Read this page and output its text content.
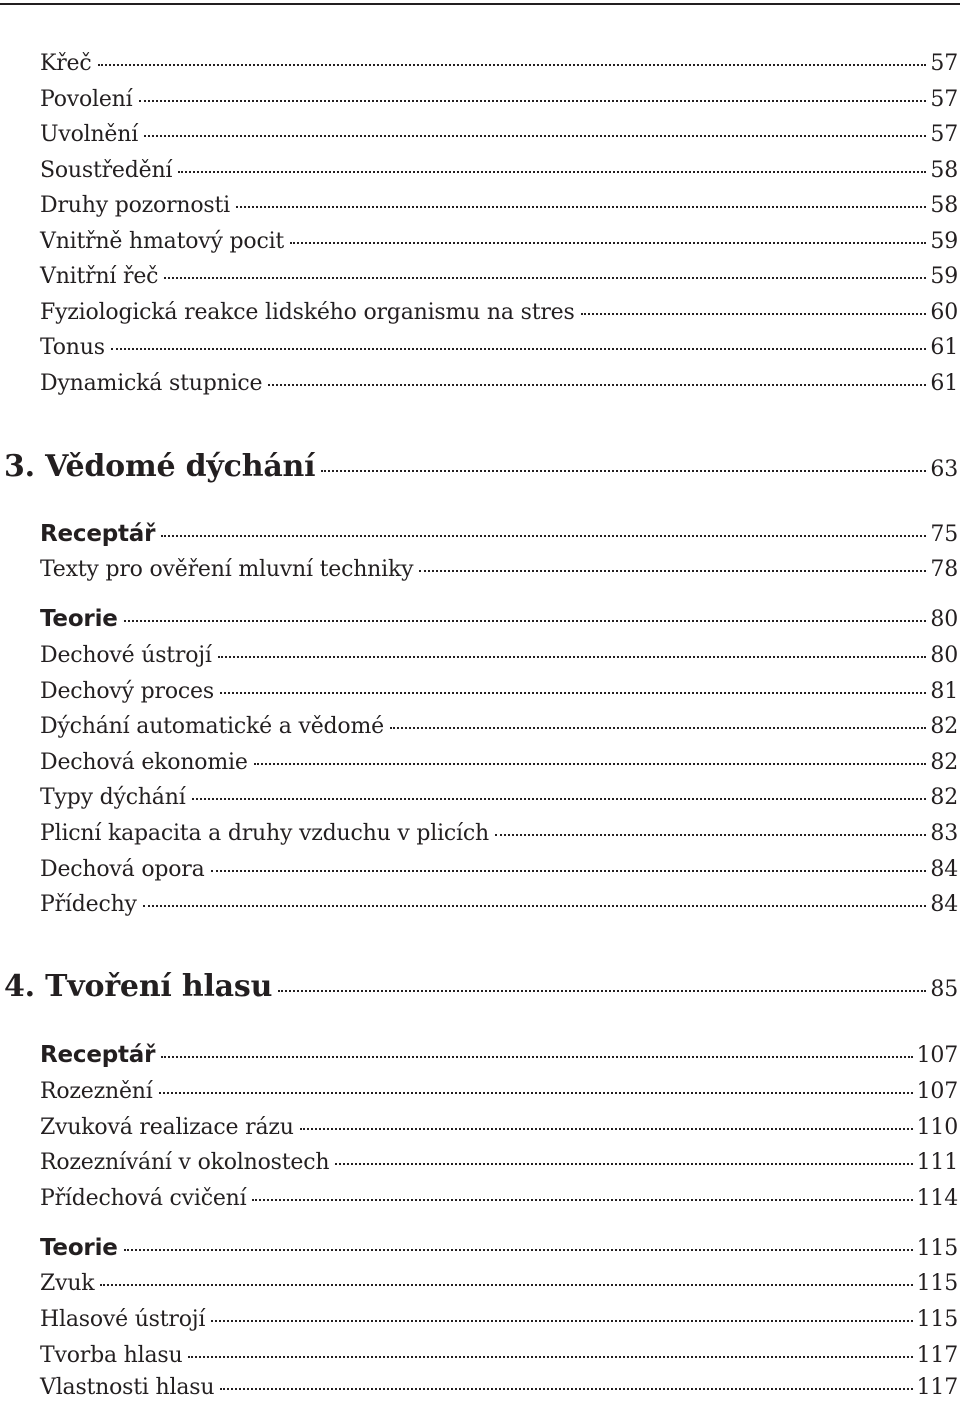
Křeč	57
Povolení	57
Uvolnění	57
Soustředění	58
Druhy pozornosti	58
Vnitřně hmatový pocit	59
Vnitřní řeč	59
Fyziologická reakce lidského organismu na stres	60
Tonus	61
Dynamická stupnice	61
3. Vědomé dýchání	63
Receptář	75
Texty pro ověření mluvní techniky	78
Teorie	80
Dechové ústrojí	80
Dechový proces	81
Dýchání automatické a vědomé	82
Dechová ekonomie	82
Typy dýchání	82
Plicní kapacita a druhy vzduchu v plicích	83
Dechová opora	84
Přídechy	84
4. Tvoření hlasu	85
Receptář	107
Rozeznění	107
Zvuková realizace rázu	110
Rozeznívání v okolnostech	111
Přídechová cvičení	114
Teorie	115
Zvuk	115
Hlasové ústrojí	115
Tvorba hlasu	117
Vlastnosti hlasu	117
